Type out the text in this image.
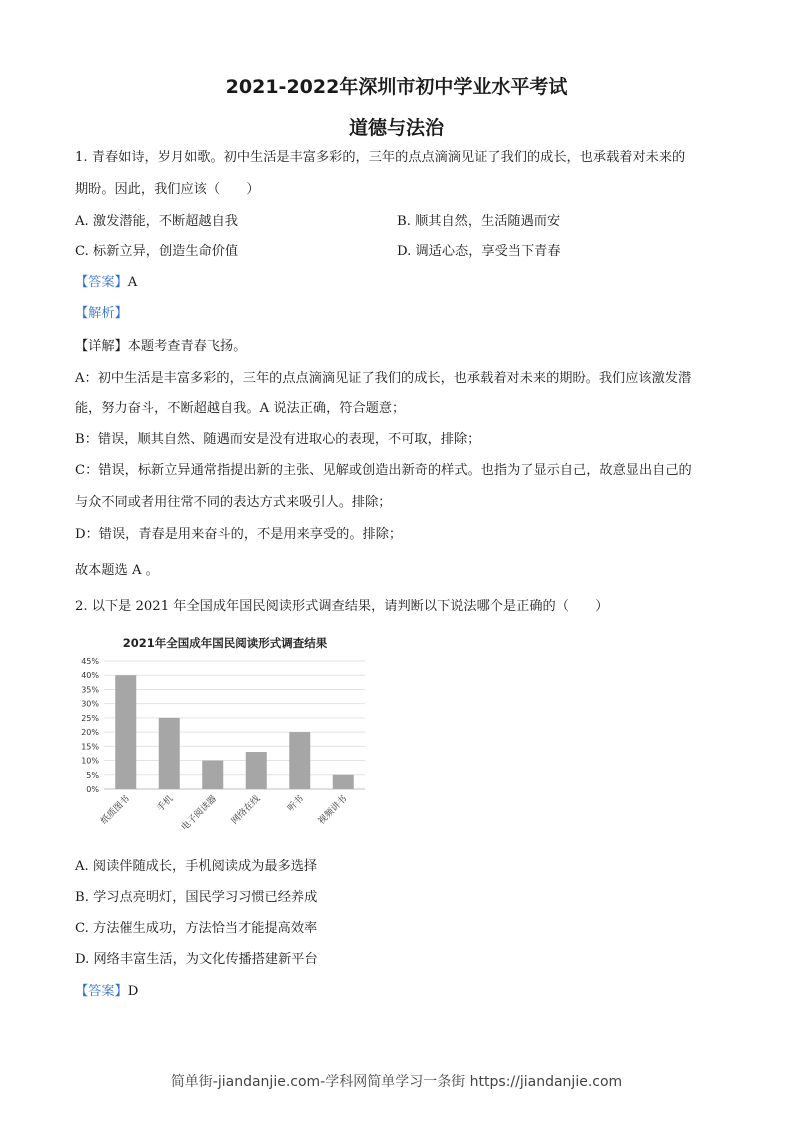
2021-2022年深圳市初中学业水平考试
道德与法治
1. 青春如诗，岁月如歌。初中生活是丰富多彩的，三年的点点滴滴见证了我们的成长，也承载着对未来的
期盼。因此，我们应该（　　）
A. 激发潜能，不断超越自我	B. 顺其自然，生活随遇而安
C. 标新立异，创造生命价值	D. 调适心态，享受当下青春
【答案】A
【解析】
【详解】本题考查青春飞扬。
A：初中生活是丰富多彩的，三年的点点滴滴见证了我们的成长，也承载着对未来的期盼。我们应该激发潜
能，努力奋斗，不断超越自我。A 说法正确，符合题意；
B：错误，顺其自然、随遇而安是没有进取心的表现，不可取，排除；
C：错误，标新立异通常指提出新的主张、见解或创造出新奇的样式。也指为了显示自己，故意显出自己的
与众不同或者用往常不同的表达方式来吸引人。排除；
D：错误，青春是用来奋斗的，不是用来享受的。排除；
故本题选 A 。
2. 以下是 2021 年全国成年国民阅读形式调查结果，请判断以下说法哪个是正确的（　　）
2021年全国成年国民阅读形式调查结果
0%
5%
10%
15%
20%
25%
30%
35%
40%
45%
纸质图书	手机 电子阅读器 网络在线	听书 视频讲书
A. 阅读伴随成长，手机阅读成为最多选择
B. 学习点亮明灯，国民学习习惯已经养成
C. 方法催生成功，方法恰当才能提高效率
D. 网络丰富生活，为文化传播搭建新平台
【答案】D
简单街-jiandanjie.com-学科网简单学习一条街 https://jiandanjie.com
